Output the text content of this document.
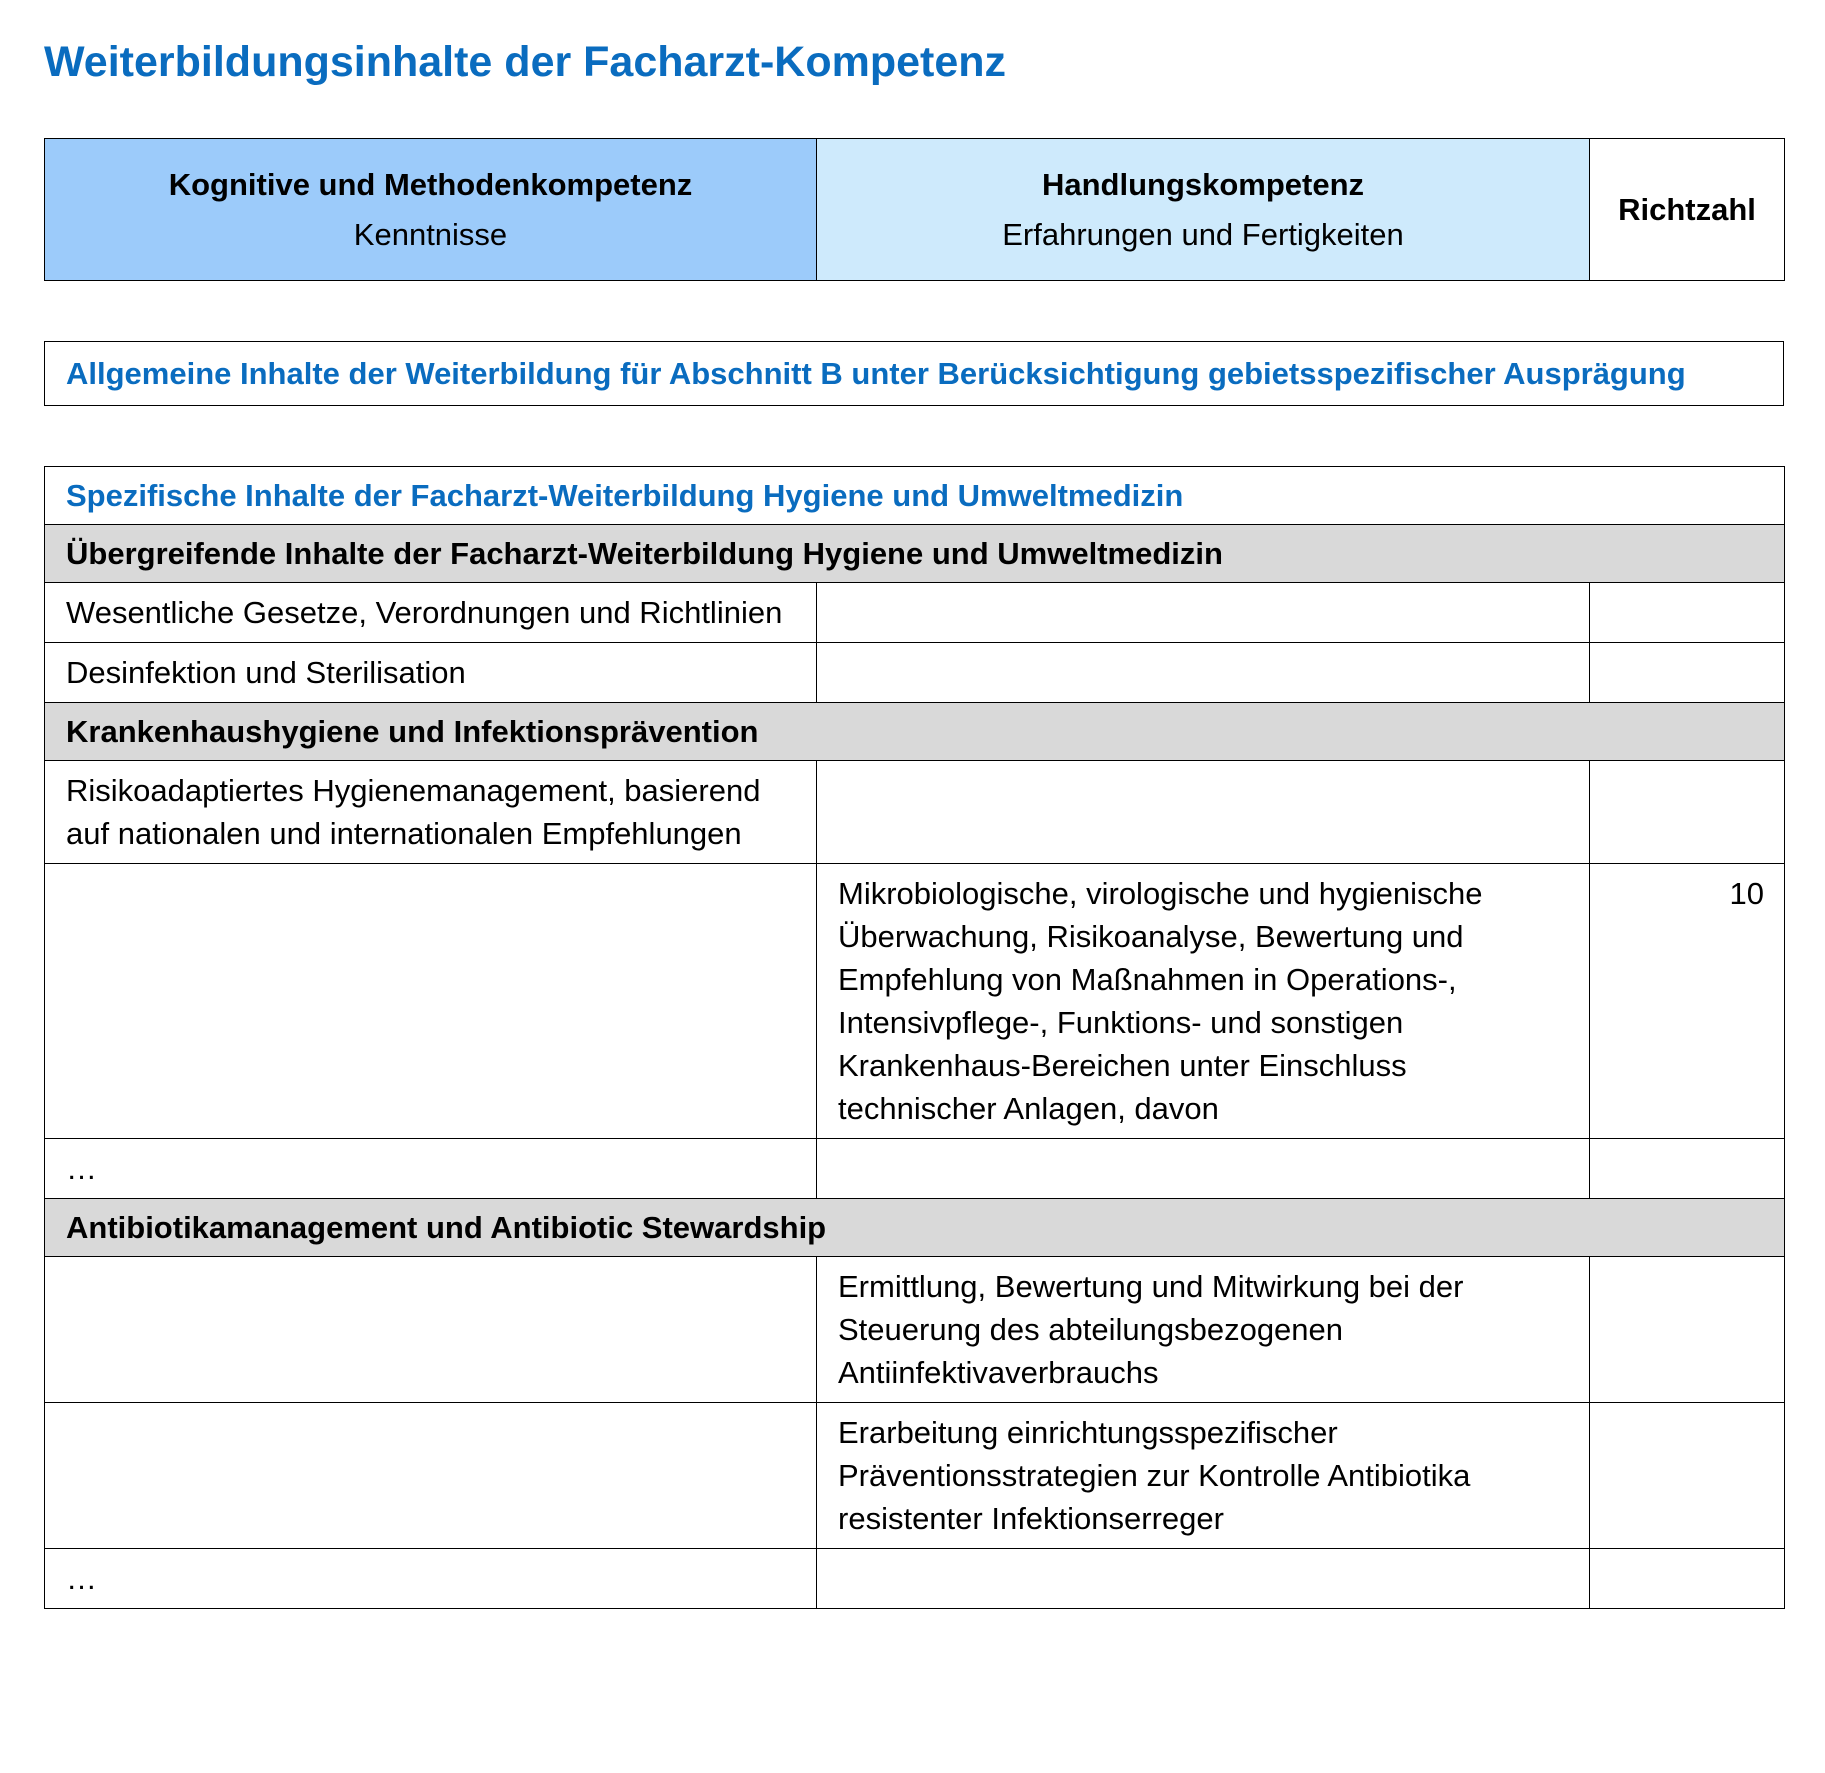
Weiterbildungsinhalte der Facharzt-Kompetenz
Kognitive und Methodenkompetenz
Kenntnisse

Handlungskompetenz
Erfahrungen und Fertigkeiten

Richtzahl
Allgemeine Inhalte der Weiterbildung für Abschnitt B unter Berücksichtigung gebietsspezifischer Ausprägung
Spezifische Inhalte der Facharzt-Weiterbildung Hygiene und Umweltmedizin		
Übergreifende Inhalte der Facharzt-Weiterbildung Hygiene und Umweltmedizin		
Wesentliche Gesetze, Verordnungen und Richtlinien		
Desinfektion und Sterilisation		
Krankenhaushygiene und Infektionsprävention		
Risikoadaptiertes Hygienemanagement, basierend auf nationalen und internationalen Empfehlungen		
	Mikrobiologische, virologische und hygienische Überwachung, Risikoanalyse, Bewertung und Empfehlung von Maßnahmen in Operations-, Intensivpflege-, Funktions- und sonstigen Krankenhaus-Bereichen unter Einschluss technischer Anlagen, davon	10
…		
Antibiotikamanagement und Antibiotic Stewardship		
	Ermittlung, Bewertung und Mitwirkung bei der Steuerung des abteilungsbezogenen Antiinfektivaverbrauchs	
	Erarbeitung einrichtungsspezifischer Präventionsstrategien zur Kontrolle Antibiotika resistenter Infektionserreger	
…		
